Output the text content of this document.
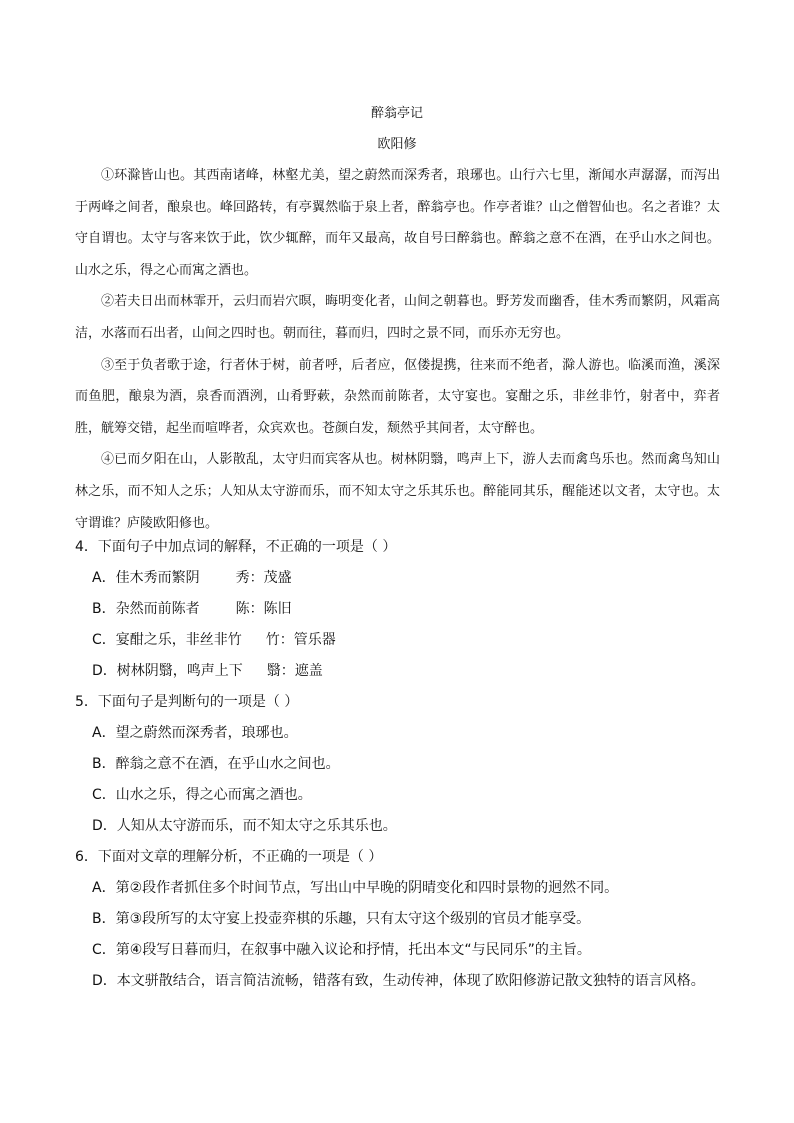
醉翁亭记
欧阳修

①环滁皆山也。其西南诸峰，林壑尤美，望之蔚然而深秀者，琅琊也。山行六七里，渐闻水声潺潺，而泻出于两峰之间者，酿泉也。峰回路转，有亭翼然临于泉上者，醉翁亭也。作亭者谁？山之僧智仙也。名之者谁？太守自谓也。太守与客来饮于此，饮少辄醉，而年又最高，故自号曰醉翁也。醉翁之意不在酒，在乎山水之间也。山水之乐，得之心而寓之酒也。

②若夫日出而林霏开，云归而岩穴暝，晦明变化者，山间之朝暮也。野芳发而幽香，佳木秀而繁阴，风霜高洁，水落而石出者，山间之四时也。朝而往，暮而归，四时之景不同，而乐亦无穷也。

③至于负者歌于途，行者休于树，前者呼，后者应，伛偻提携，往来而不绝者，滁人游也。临溪而渔，溪深而鱼肥，酿泉为酒，泉香而酒洌，山肴野蔌，杂然而前陈者，太守宴也。宴酣之乐，非丝非竹，射者中，弈者胜，觥筹交错，起坐而喧哗者，众宾欢也。苍颜白发，颓然乎其间者，太守醉也。

④已而夕阳在山，人影散乱，太守归而宾客从也。树林阴翳，鸣声上下，游人去而禽鸟乐也。然而禽鸟知山林之乐，而不知人之乐；人知从太守游而乐，而不知太守之乐其乐也。醉能同其乐，醒能述以文者，太守也。太守谓谁？庐陵欧阳修也。

4．下面句子中加点词的解释，不正确的一项是（ ）
A．佳木秀而繁阴	秀：茂盛
B．杂然而前陈者	陈：陈旧
C．宴酣之乐，非丝非竹 竹：管乐器
D．树林阴翳，鸣声上下 翳：遮盖
5．下面句子是判断句的一项是（ ）
A．望之蔚然而深秀者，琅琊也。
B．醉翁之意不在酒，在乎山水之间也。
C．山水之乐，得之心而寓之酒也。
D．人知从太守游而乐，而不知太守之乐其乐也。
6．下面对文章的理解分析，不正确的一项是（ ）
A．第②段作者抓住多个时间节点，写出山中早晚的阴晴变化和四时景物的迥然不同。
B．第③段所写的太守宴上投壶弈棋的乐趣，只有太守这个级别的官员才能享受。
C．第④段写日暮而归，在叙事中融入议论和抒情，托出本文“与民同乐”的主旨。
D．本文骈散结合，语言简洁流畅，错落有致，生动传神，体现了欧阳修游记散文独特的语言风格。
